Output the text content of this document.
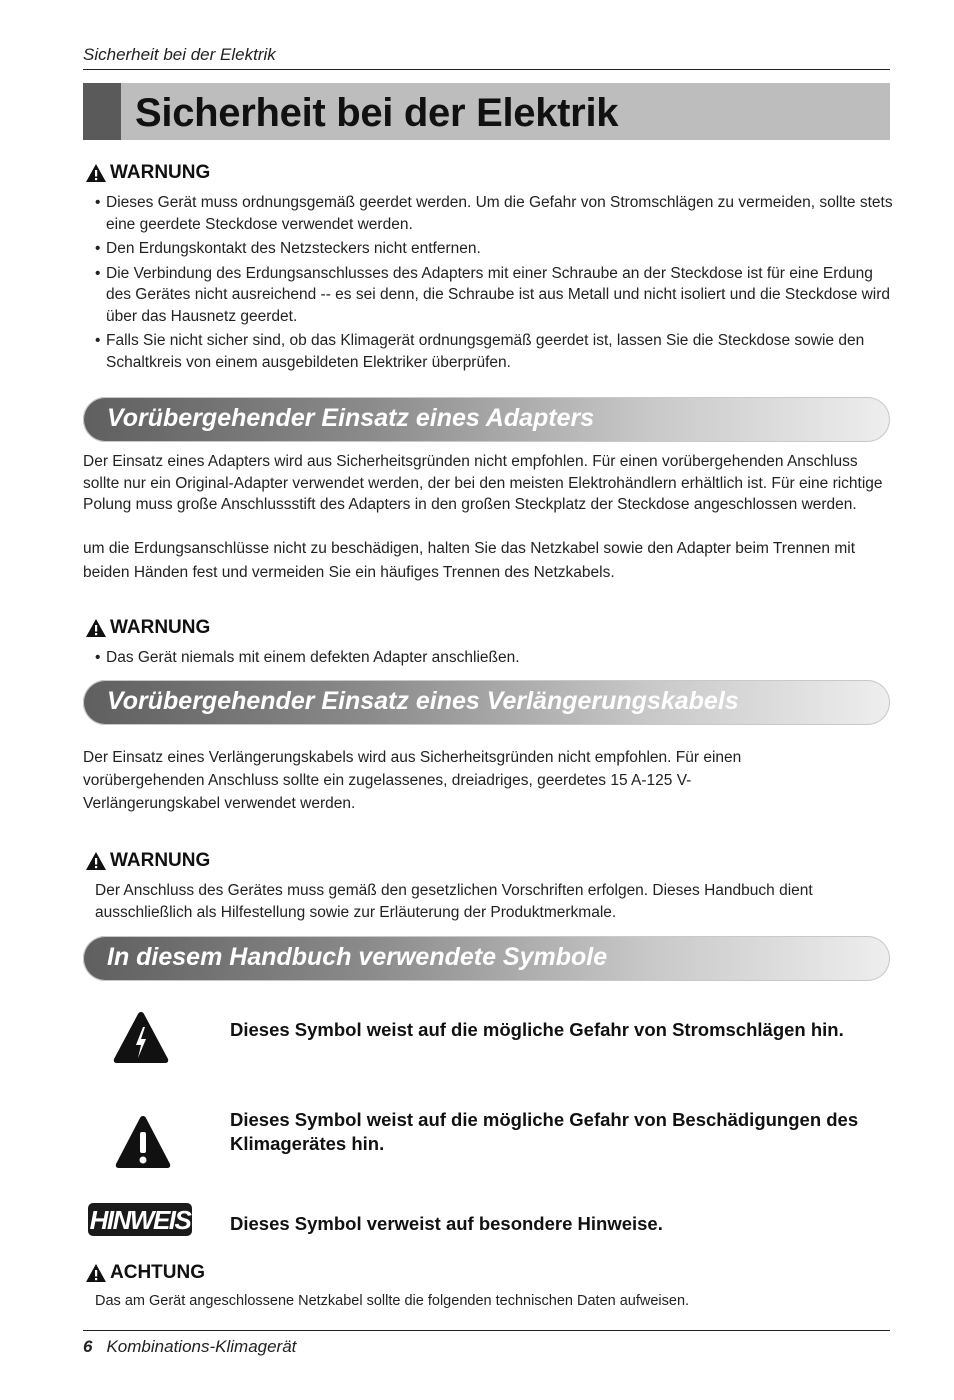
Sicherheit bei der Elektrik
Sicherheit bei der Elektrik
WARNUNG
• Dieses Gerät muss ordnungsgemäß geerdet werden. Um die Gefahr von Stromschlägen zu vermeiden, sollte stets eine geerdete Steckdose verwendet werden.
• Den Erdungskontakt des Netzsteckers nicht entfernen.
• Die Verbindung des Erdungsanschlusses des Adapters mit einer Schraube an der Steckdose ist für eine Erdung des Gerätes nicht ausreichend -- es sei denn, die Schraube ist aus Metall und nicht isoliert und die Steckdose wird über das Hausnetz geerdet.
• Falls Sie nicht sicher sind, ob das Klimagerät ordnungsgemäß geerdet ist, lassen Sie die Steckdose sowie den Schaltkreis von einem ausgebildeten Elektriker überprüfen.
Vorübergehender Einsatz eines Adapters
Der Einsatz eines Adapters wird aus Sicherheitsgründen nicht empfohlen. Für einen vorübergehenden Anschluss sollte nur ein Original-Adapter verwendet werden, der bei den meisten Elektrohändlern erhältlich ist. Für eine richtige Polung muss große Anschlussstift des Adapters in den großen Steckplatz der Steckdose angeschlossen werden.
um die Erdungsanschlüsse nicht zu beschädigen, halten Sie das Netzkabel sowie den Adapter beim Trennen mit beiden Händen fest und vermeiden Sie ein häufiges Trennen des Netzkabels.
WARNUNG
• Das Gerät niemals mit einem defekten Adapter anschließen.
Vorübergehender Einsatz eines Verlängerungskabels
Der Einsatz eines Verlängerungskabels wird aus Sicherheitsgründen nicht empfohlen. Für einen vorübergehenden Anschluss sollte ein zugelassenes, dreiadriges, geerdetes 15 A-125 V-Verlängerungskabel verwendet werden.
WARNUNG
Der Anschluss des Gerätes muss gemäß den gesetzlichen Vorschriften erfolgen. Dieses Handbuch dient ausschließlich als Hilfestellung sowie zur Erläuterung der Produktmerkmale.
In diesem Handbuch verwendete Symbole
Dieses Symbol weist auf die mögliche Gefahr von Stromschlägen hin.
Dieses Symbol weist auf die mögliche Gefahr von Beschädigungen des Klimagerätes hin.
HINWEIS Dieses Symbol verweist auf besondere Hinweise.
ACHTUNG
Das am Gerät angeschlossene Netzkabel sollte die folgenden technischen Daten aufweisen.
6 Kombinations-Klimagerät
